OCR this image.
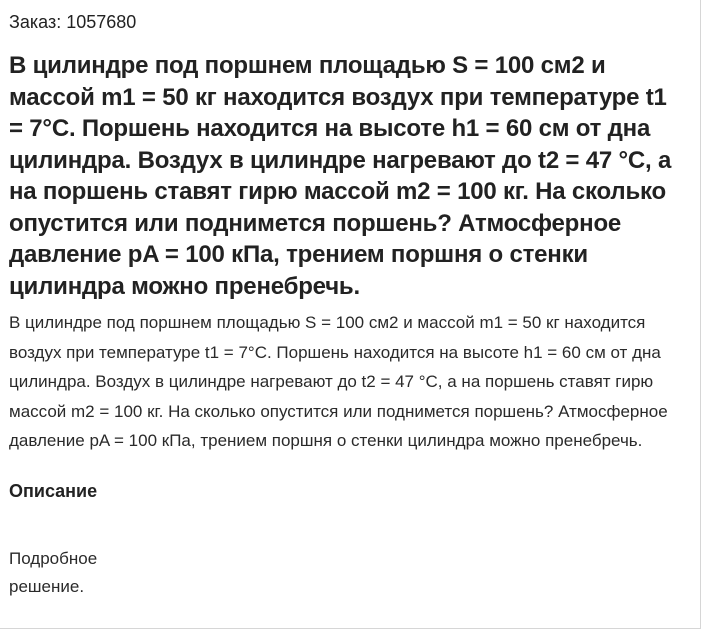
Заказ: 1057680
В цилиндре под поршнем площадью S = 100 см2 и массой m1 = 50 кг находится воздух при температуре t1 = 7°C. Поршень находится на высоте h1 = 60 см от дна цилиндра. Воздух в цилиндре нагревают до t2 = 47 °C, а на поршень ставят гирю массой m2 = 100 кг. На сколько опустится или поднимется поршень? Атмосферное давление pA = 100 кПа, трением поршня о стенки цилиндра можно пренебречь.

В цилиндре под поршнем площадью S = 100 см2 и массой m1 = 50 кг находится воздух при температуре t1 = 7°C. Поршень находится на высоте h1 = 60 см от дна цилиндра. Воздух в цилиндре нагревают до t2 = 47 °C, а на поршень ставят гирю массой m2 = 100 кг. На сколько опустится или поднимется поршень? Атмосферное давление pA = 100 кПа, трением поршня о стенки цилиндра можно пренебречь.

Описание

Подробное
решение.
